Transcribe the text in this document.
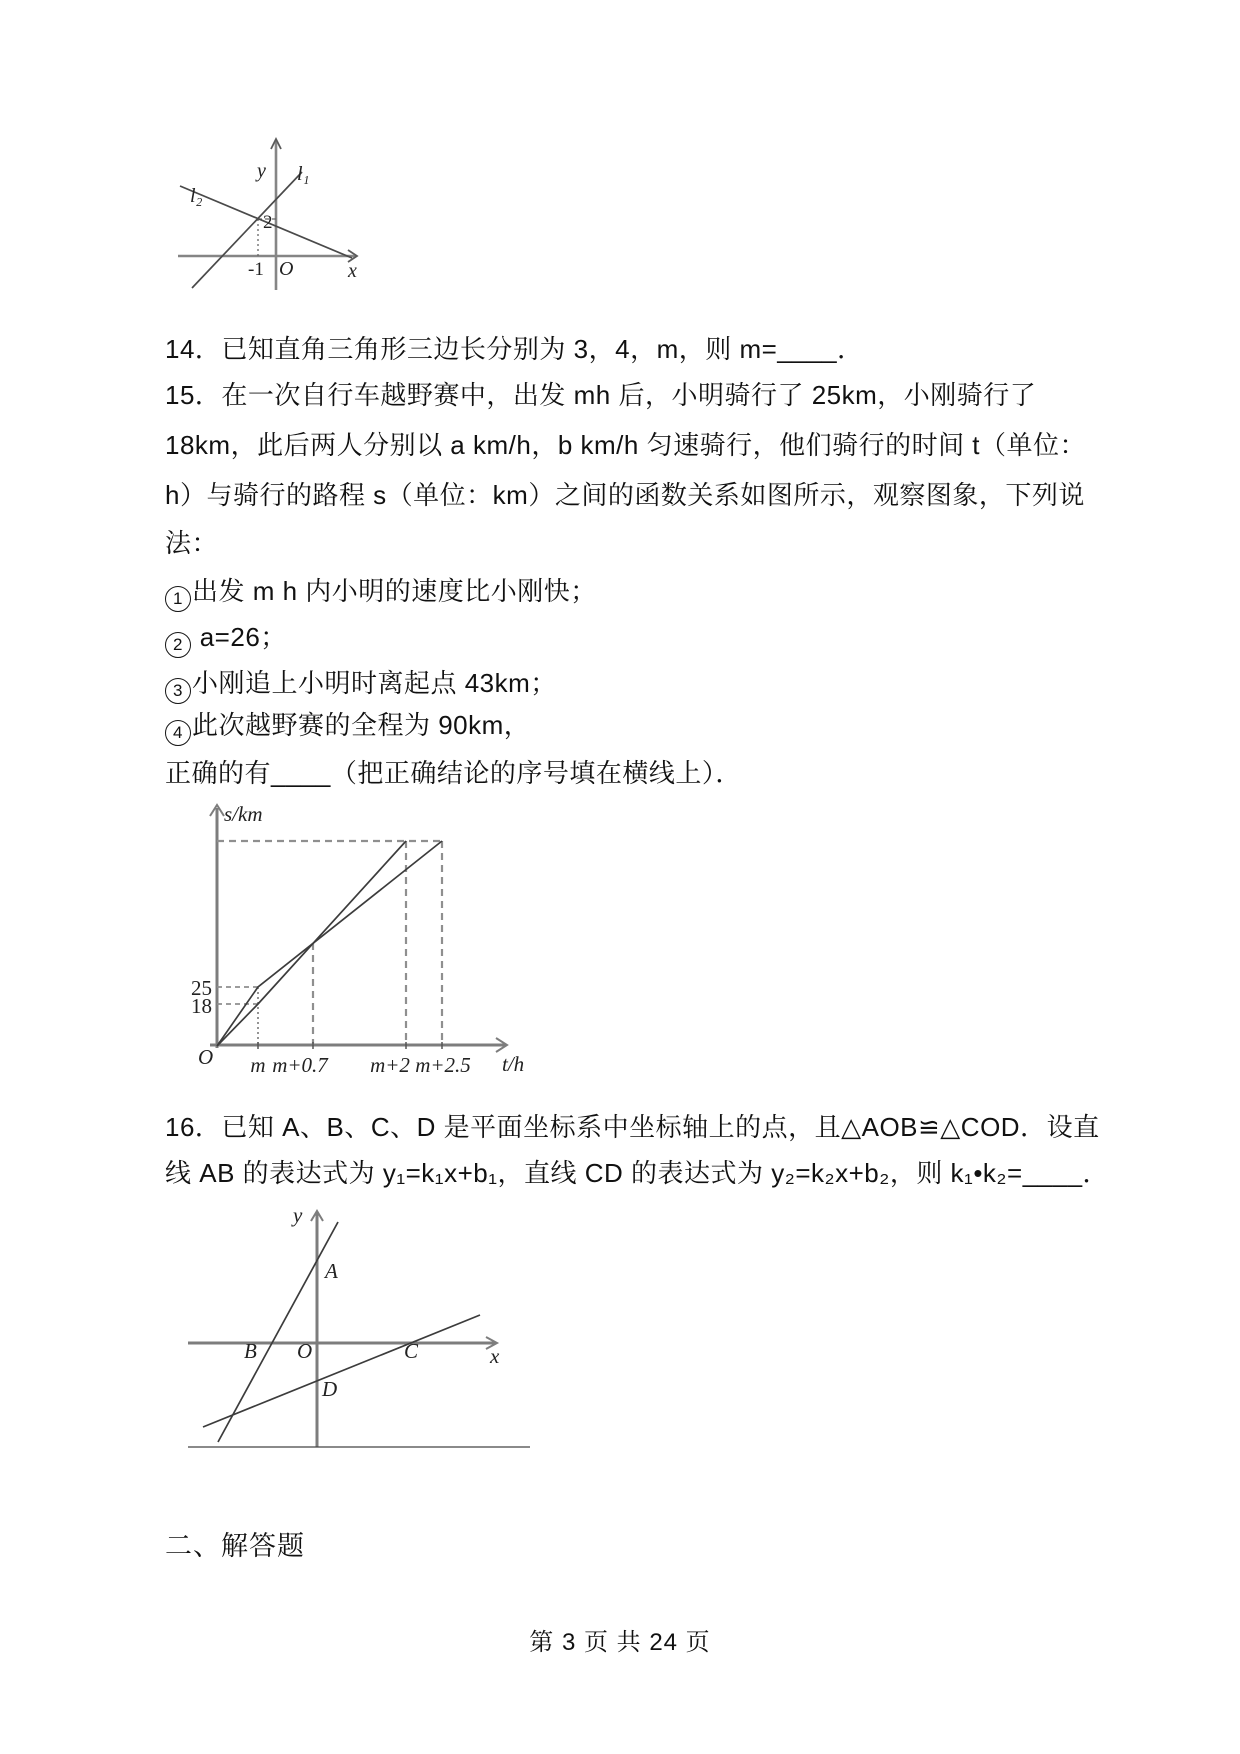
y l₁
l₂
x
O
2
-1
14．已知直角三角形三边长分别为 3，4，m，则 m=____．
15．在一次自行车越野赛中，出发 mh 后，小明骑行了 25km，小刚骑行了
18km，此后两人分别以 a km/h，b km/h 匀速骑行，他们骑行的时间 t（单位：
h）与骑行的路程 s（单位：km）之间的函数关系如图所示，观察图象，下列说
法：
1 出发 m h 内小明的速度比小刚快；
2 a=26；
3 小刚追上小明时离起点 43km；
4 此次越野赛的全程为 90km，
正确的有____（把正确结论的序号填在横线上）．
s/km
t/h
O m m+0.7 m+2 m+2.5
25
18
16．已知 A、B、C、D 是平面坐标系中坐标轴上的点，且△AOB≌△COD．设直
线 AB 的表达式为 y₁=k₁x+b₁，直线 CD 的表达式为 y₂=k₂x+b₂，则 k₁•k₂=____．
y
x
A
B O	C
D
二、解答题
第 3 页 共 24 页
